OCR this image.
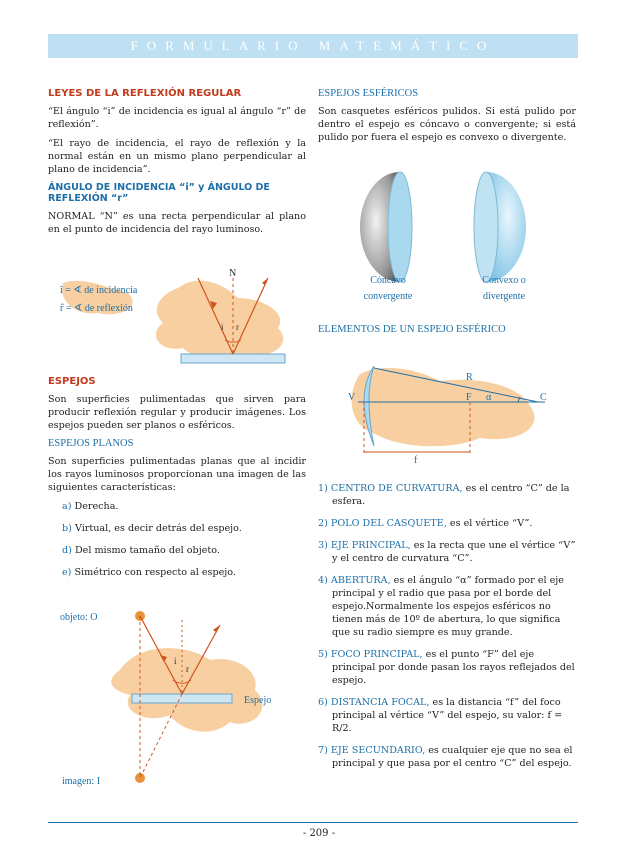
FORMULARIO MATEMÁTICO
LEYES DE LA REFLEXIÓN REGULAR

“El ángulo “i” de incidencia es igual al ángulo “r” de reflexión”.

“El rayo de incidencia, el rayo de reflexión y la normal están en un mismo plano perpendicular al plano de incidencia”.

ÁNGULO DE INCIDENCIA “i” y ÁNGULO DE REFLEXIÓN “r”

NORMAL “N” es una recta perpendicular al plano en el punto de incidencia del rayo luminoso.

N
î = ∢ de incidencia
r̂ = ∢ de reflexión
i r
ESPEJOS

Son superficies pulimentadas que sirven para producir reflexión regular y producir imágenes. Los espejos pueden ser planos o esféricos.

ESPEJOS PLANOS

Son superficies pulimentadas planas que al incidir los rayos luminosos proporcionan una imagen de las siguientes características:

a) Derecha.
b) Virtual, es decir detrás del espejo.
d) Del mismo tamaño del objeto.
e) Simétrico con respecto al espejo.
i
r
objeto: O
imagen: I
Espejo
ESPEJOS ESFÉRICOS

Son casquetes esféricos pulidos. Si está pulido por dentro el espejo es cóncavo o convergente; si está pulido por fuera el espejo es convexo o divergente.

Cóncavo
convergente
Convexo o
divergente
ELEMENTOS DE UN ESPEJO ESFÉRICO
R
V	F α	C
f
1) CENTRO DE CURVATURA, es el centro “C” de la esfera.
2) POLO DEL CASQUETE, es el vértice “V”.
3) EJE PRINCIPAL, es la recta que une el vértice “V” y el centro de curvatura “C”.
4) ABERTURA, es el ángulo “α” formado por el eje principal y el radio que pasa por el borde del espejo.Normalmente los espejos esféricos no tienen más de 10º de abertura, lo que significa que su radio siempre es muy grande.
5) FOCO PRINCIPAL, es el punto “F” del eje principal por donde pasan los rayos reflejados del espejo.
6) DISTANCIA FOCAL, es la distancia “f” del foco principal al vértice “V” del espejo, su valor: f = R/2.
7) EJE SECUNDARIO, es cualquier eje que no sea el principal y que pasa por el centro “C” del espejo.
- 209 -
